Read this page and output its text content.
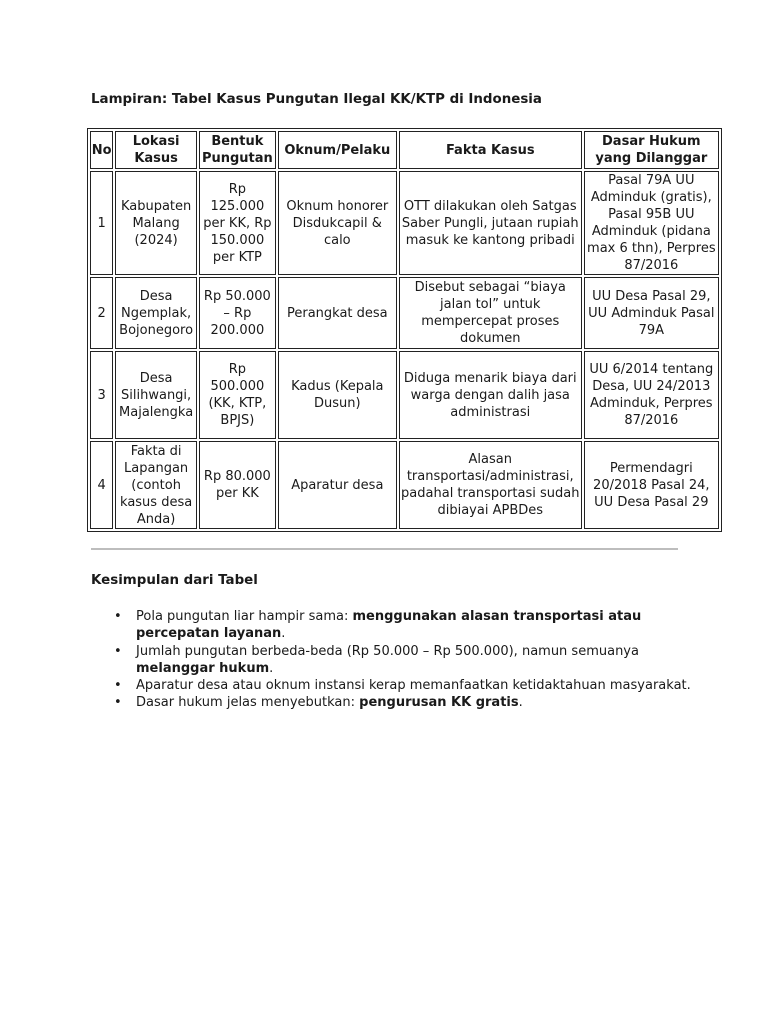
Lampiran: Tabel Kasus Pungutan Ilegal KK/KTP di Indonesia
No	Lokasi Kasus	Bentuk Pungutan	Oknum/Pelaku	Fakta Kasus	Dasar Hukum yang Dilanggar
1	Kabupaten Malang (2024)	Rp 125.000 per KK, Rp 150.000 per KTP	Oknum honorer Disdukcapil & calo	OTT dilakukan oleh Satgas Saber Pungli, jutaan rupiah masuk ke kantong pribadi	Pasal 79A UU Adminduk (gratis), Pasal 95B UU Adminduk (pidana max 6 thn), Perpres 87/2016
2	Desa Ngemplak, Bojonegoro	Rp 50.000 – Rp 200.000	Perangkat desa	Disebut sebagai “biaya jalan tol” untuk mempercepat proses dokumen	UU Desa Pasal 29, UU Adminduk Pasal 79A
3	Desa Silihwangi, Majalengka	Rp 500.000 (KK, KTP, BPJS)	Kadus (Kepala Dusun)	Diduga menarik biaya dari warga dengan dalih jasa administrasi	UU 6/2014 tentang Desa, UU 24/2013 Adminduk, Perpres 87/2016
4	Fakta di Lapangan (contoh kasus desa Anda)	Rp 80.000 per KK	Aparatur desa	Alasan transportasi/administrasi, padahal transportasi sudah dibiayai APBDes	Permendagri 20/2018 Pasal 24, UU Desa Pasal 29
Kesimpulan dari Tabel
• Pola pungutan liar hampir sama: menggunakan alasan transportasi atau percepatan layanan.
• Jumlah pungutan berbeda-beda (Rp 50.000 – Rp 500.000), namun semuanya melanggar hukum.
• Aparatur desa atau oknum instansi kerap memanfaatkan ketidaktahuan masyarakat.
• Dasar hukum jelas menyebutkan: pengurusan KK gratis.
